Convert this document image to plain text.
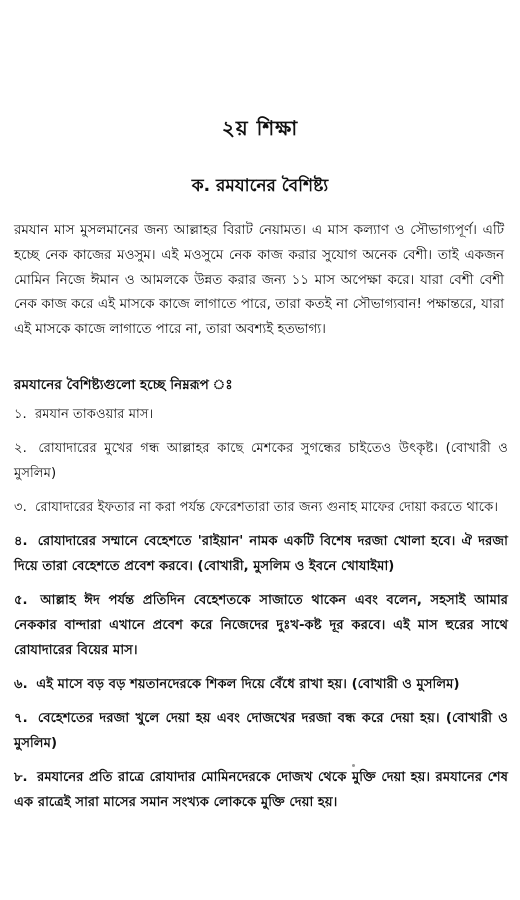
২য় শিক্ষা
ক. রমযানের বৈশিষ্ট্য

রমযান মাস মুসলমানের জন্য আল্লাহর বিরাট নেয়ামত। এ মাস কল্যাণ ও সৌভাগ্যপূর্ণ। এটি হচ্ছে নেক কাজের মওসুম। এই মওসুমে নেক কাজ করার সুযোগ অনেক বেশী। তাই একজন মোমিন নিজে ঈমান ও আমলকে উন্নত করার জন্য ১১ মাস অপেক্ষা করে। যারা বেশী বেশী নেক কাজ করে এই মাসকে কাজে লাগাতে পারে, তারা কতই না সৌভাগ্যবান! পক্ষান্তরে, যারা এই মাসকে কাজে লাগাতে পারে না, তারা অবশ্যই হতভাগ্য।

রমযানের বৈশিষ্ট্যগুলো হচ্ছে নিম্নরূপ ঃ
১. রমযান তাকওয়ার মাস।
২. রোযাদারের মুখের গন্ধ আল্লাহর কাছে মেশকের সুগন্ধের চাইতেও উৎকৃষ্ট। (বোখারী ও মুসলিম)
৩. রোযাদারের ইফতার না করা পর্যন্ত ফেরেশতারা তার জন্য গুনাহ মাফের দোয়া করতে থাকে।
৪. রোযাদারের সম্মানে বেহেশতে 'রাইয়ান' নামক একটি বিশেষ দরজা খোলা হবে। ঐ দরজা দিয়ে তারা বেহেশতে প্রবেশ করবে। (বোখারী, মুসলিম ও ইবনে খোযাইমা)
৫. আল্লাহ ঈদ পর্যন্ত প্রতিদিন বেহেশতকে সাজাতে থাকেন এবং বলেন, সহসাই আমার নেককার বান্দারা এখানে প্রবেশ করে নিজেদের দুঃখ-কষ্ট দূর করবে। এই মাস হুরের সাথে রোযাদারের বিয়ের মাস।
৬. এই মাসে বড় বড় শয়তানদেরকে শিকল দিয়ে বেঁধে রাখা হয়। (বোখারী ও মুসলিম)
৭. বেহেশতের দরজা খুলে দেয়া হয় এবং দোজখের দরজা বন্ধ করে দেয়া হয়। (বোখারী ও মুসলিম)
৮. রমযানের প্রতি রাত্রে রোযাদার মোমিনদেরকে দোজখ থেকে মুক্তি দেয়া হয়। রমযানের শেষ এক রাত্রেই সারা মাসের সমান সংখ্যক লোককে মুক্তি দেয়া হয়।
